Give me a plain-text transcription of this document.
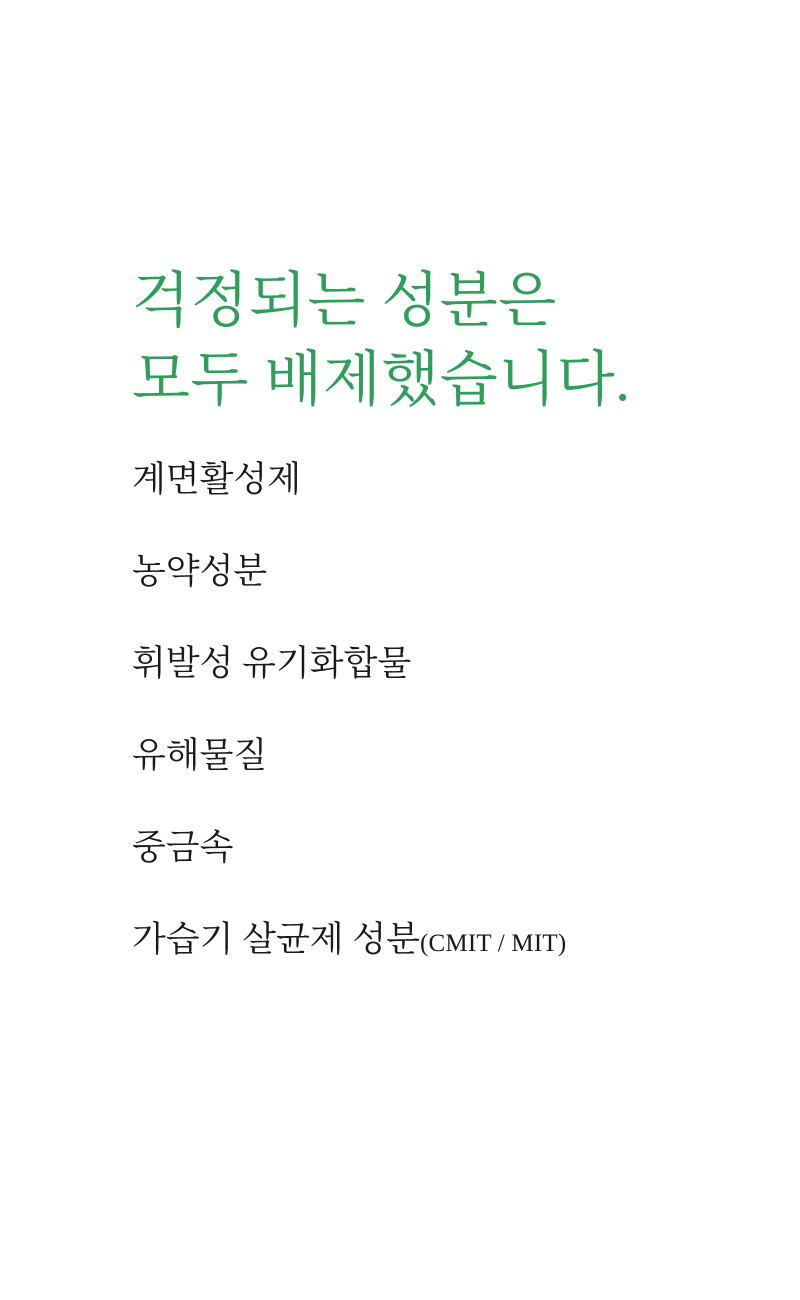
걱정되는 성분은
모두 배제했습니다.
계면활성제
농약성분
휘발성 유기화합물
유해물질
중금속
가습기 살균제 성분(CMIT / MIT)
